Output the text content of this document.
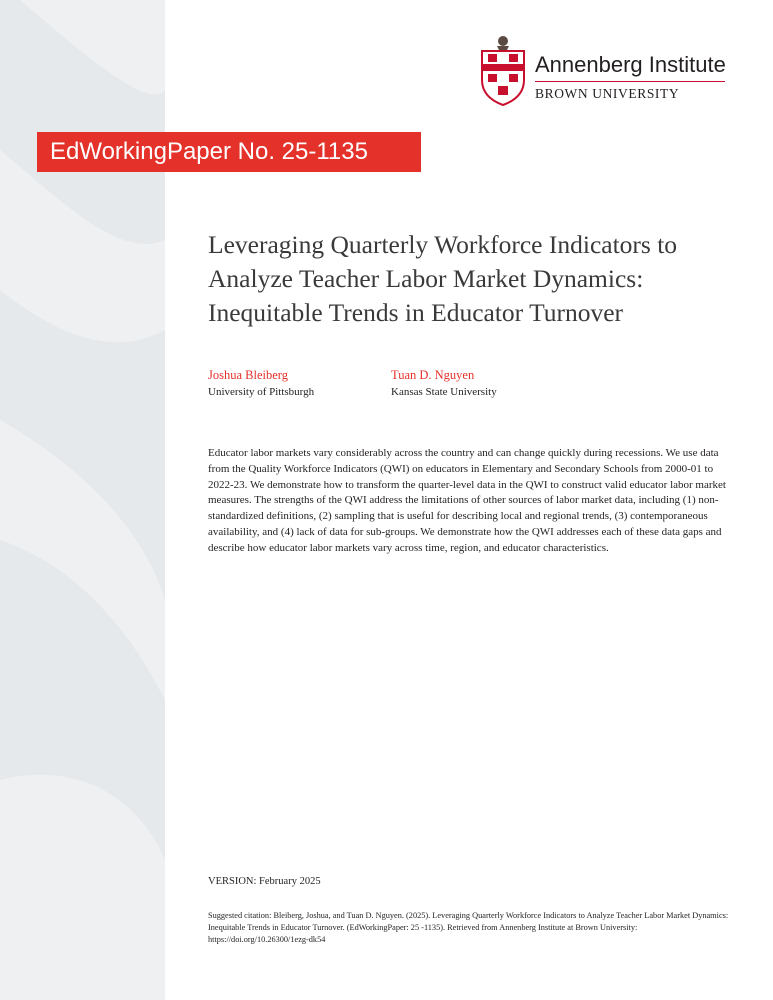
Annenberg Institute
BROWN UNIVERSITY
EdWorkingPaper No. 25-1135
Leveraging Quarterly Workforce Indicators to Analyze Teacher Labor Market Dynamics: Inequitable Trends in Educator Turnover
Joshua Bleiberg
University of Pittsburgh
Tuan D. Nguyen
Kansas State University
Educator labor markets vary considerably across the country and can change quickly during recessions. We use data from the Quality Workforce Indicators (QWI) on educators in Elementary and Secondary Schools from 2000-01 to 2022-23. We demonstrate how to transform the quarter-level data in the QWI to construct valid educator labor market measures. The strengths of the QWI address the limitations of other sources of labor market data, including (1) non-standardized definitions, (2) sampling that is useful for describing local and regional trends, (3) contemporaneous availability, and (4) lack of data for sub-groups. We demonstrate how the QWI addresses each of these data gaps and describe how educator labor markets vary across time, region, and educator characteristics.
VERSION: February 2025
Suggested citation: Bleiberg, Joshua, and Tuan D. Nguyen. (2025). Leveraging Quarterly Workforce Indicators to Analyze Teacher Labor Market Dynamics: Inequitable Trends in Educator Turnover. (EdWorkingPaper: 25 -1135). Retrieved from Annenberg Institute at Brown University: https://doi.org/10.26300/1ezg-dk54
